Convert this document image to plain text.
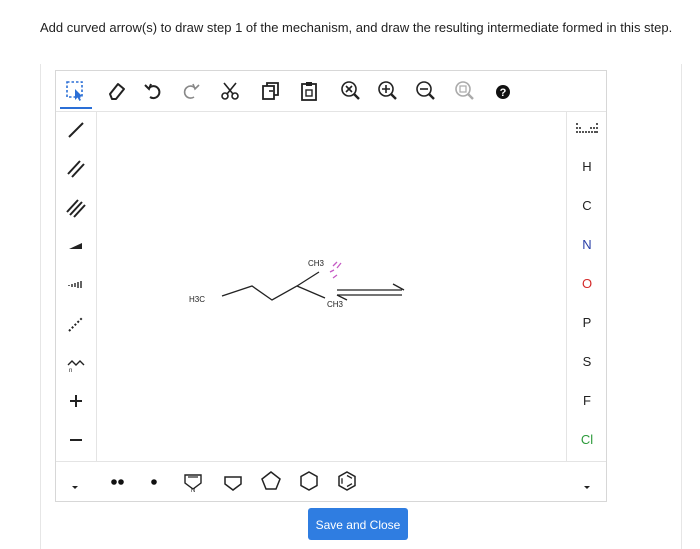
Add curved arrow(s) to draw step 1 of the mechanism, and draw the resulting intermediate formed in this step.
?
n
H3C
CH3
CH3
H
C
N
O
P
S
F
Cl
N
Save and Close
